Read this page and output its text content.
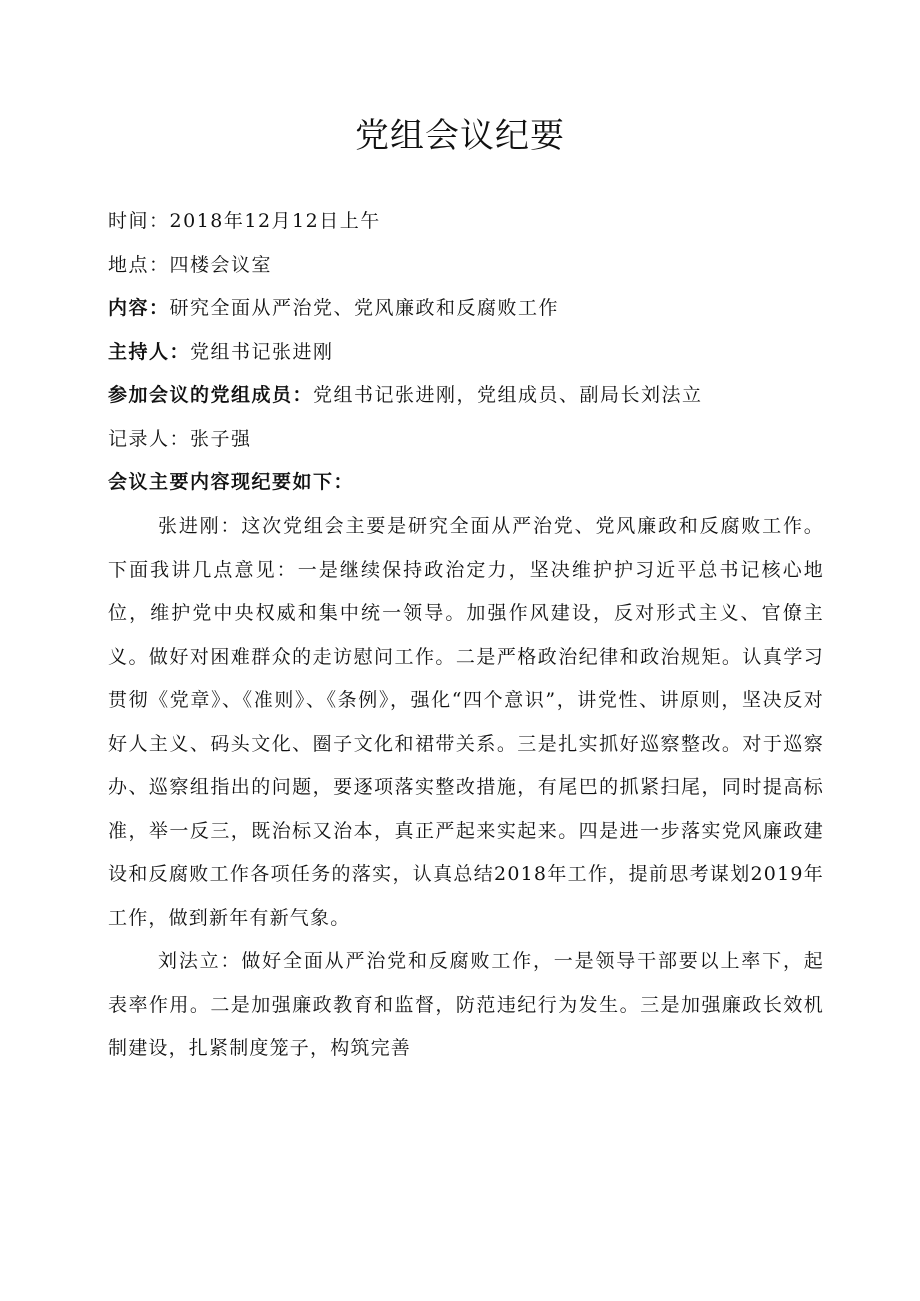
党组会议纪要
时间：2018年12月12日上午
地点：四楼会议室
内容：研究全面从严治党、党风廉政和反腐败工作
主持人：党组书记张进刚
参加会议的党组成员：党组书记张进刚，党组成员、副局长刘法立
记录人：张子强
会议主要内容现纪要如下：

张进刚：这次党组会主要是研究全面从严治党、党风廉政和反腐败工作。下面我讲几点意见：一是继续保持政治定力，坚决维护护习近平总书记核心地位，维护党中央权威和集中统一领导。加强作风建设，反对形式主义、官僚主义。做好对困难群众的走访慰问工作。二是严格政治纪律和政治规矩。认真学习贯彻《党章》、《准则》、《条例》，强化“四个意识”，讲党性、讲原则，坚决反对好人主义、码头文化、圈子文化和裙带关系。三是扎实抓好巡察整改。对于巡察办、巡察组指出的问题，要逐项落实整改措施，有尾巴的抓紧扫尾，同时提高标准，举一反三，既治标又治本，真正严起来实起来。四是进一步落实党风廉政建设和反腐败工作各项任务的落实，认真总结2018年工作，提前思考谋划2019年工作，做到新年有新气象。

刘法立：做好全面从严治党和反腐败工作，一是领导干部要以上率下，起表率作用。二是加强廉政教育和监督，防范违纪行为发生。三是加强廉政长效机制建设，扎紧制度笼子，构筑完善
